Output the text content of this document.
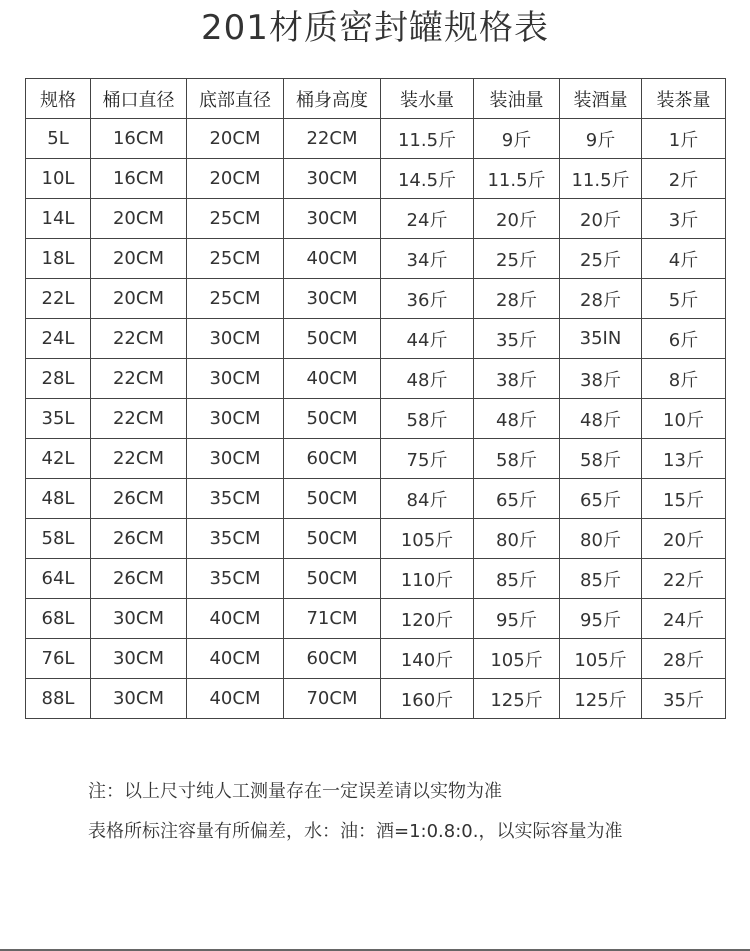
201材质密封罐规格表
规格	桶口直径	底部直径	桶身高度	装水量	装油量	装酒量	装茶量
5L	16CM	20CM	22CM	11.5斤	9斤	9斤	1斤
10L	16CM	20CM	30CM	14.5斤	11.5斤	11.5斤	2斤
14L	20CM	25CM	30CM	24斤	20斤	20斤	3斤
18L	20CM	25CM	40CM	34斤	25斤	25斤	4斤
22L	20CM	25CM	30CM	36斤	28斤	28斤	5斤
24L	22CM	30CM	50CM	44斤	35斤	35IN	6斤
28L	22CM	30CM	40CM	48斤	38斤	38斤	8斤
35L	22CM	30CM	50CM	58斤	48斤	48斤	10斤
42L	22CM	30CM	60CM	75斤	58斤	58斤	13斤
48L	26CM	35CM	50CM	84斤	65斤	65斤	15斤
58L	26CM	35CM	50CM	105斤	80斤	80斤	20斤
64L	26CM	35CM	50CM	110斤	85斤	85斤	22斤
68L	30CM	40CM	71CM	120斤	95斤	95斤	24斤
76L	30CM	40CM	60CM	140斤	105斤	105斤	28斤
88L	30CM	40CM	70CM	160斤	125斤	125斤	35斤
注：以上尺寸纯人工测量存在一定误差请以实物为准
表格所标注容量有所偏差，水：油：酒=1:0.8:0.，以实际容量为准
